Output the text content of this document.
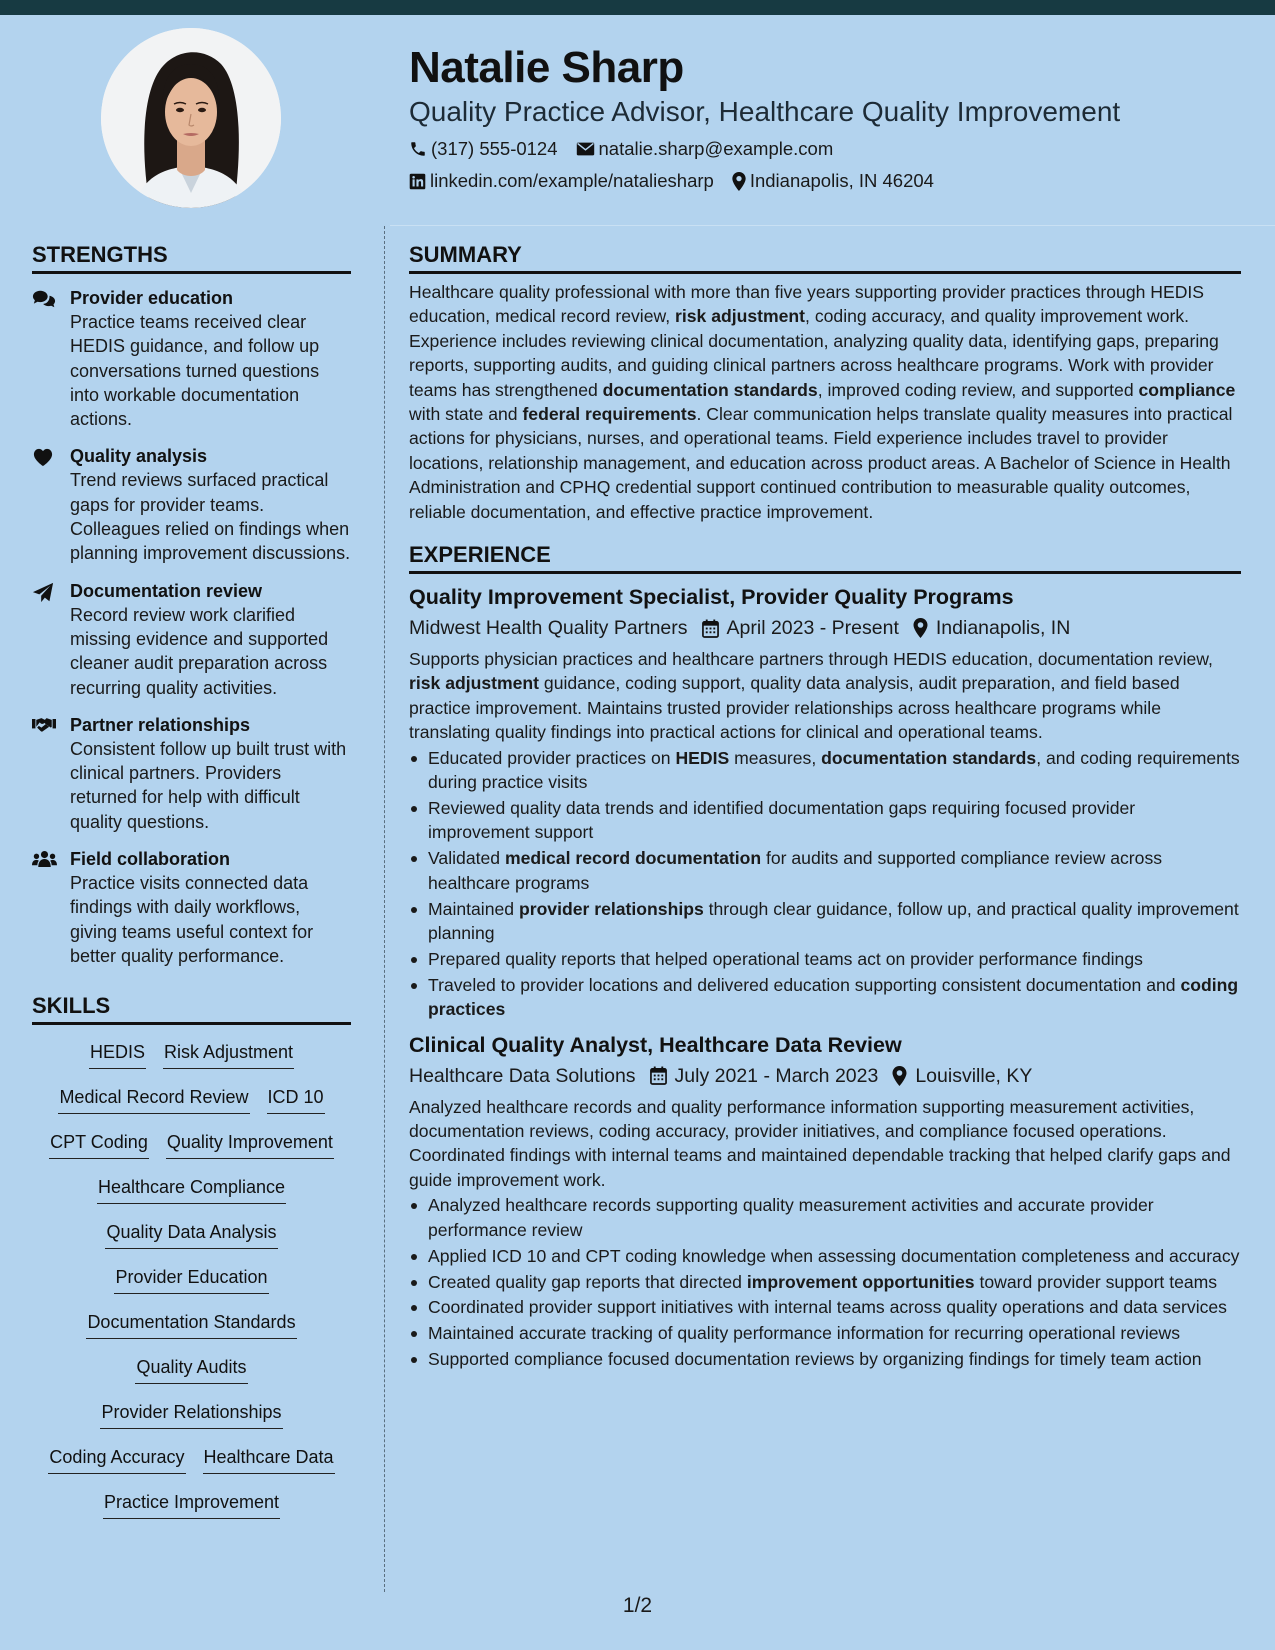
Natalie Sharp
Quality Practice Advisor, Healthcare Quality Improvement
(317) 555-0124 natalie.sharp@example.com
linkedin.com/example/nataliesharp Indianapolis, IN 46204
STRENGTHS
Provider education
Practice teams received clear HEDIS guidance, and follow up conversations turned questions into workable documentation actions.
Quality analysis
Trend reviews surfaced practical gaps for provider teams. Colleagues relied on findings when planning improvement discussions.
Documentation review
Record review work clarified missing evidence and supported cleaner audit preparation across recurring quality activities.
Partner relationships
Consistent follow up built trust with clinical partners. Providers returned for help with difficult quality questions.
Field collaboration
Practice visits connected data findings with daily workflows, giving teams useful context for better quality performance.
SKILLS
HEDIS Risk Adjustment
Medical Record Review ICD 10
CPT Coding Quality Improvement
Healthcare Compliance
Quality Data Analysis
Provider Education
Documentation Standards
Quality Audits
Provider Relationships
Coding Accuracy Healthcare Data
Practice Improvement
SUMMARY

Healthcare quality professional with more than five years supporting provider practices through HEDIS education, medical record review, risk adjustment, coding accuracy, and quality improvement work. Experience includes reviewing clinical documentation, analyzing quality data, identifying gaps, preparing reports, supporting audits, and guiding clinical partners across healthcare programs. Work with provider teams has strengthened documentation standards, improved coding review, and supported compliance with state and federal requirements. Clear communication helps translate quality measures into practical actions for physicians, nurses, and operational teams. Field experience includes travel to provider locations, relationship management, and education across product areas. A Bachelor of Science in Health Administration and CPHQ credential support continued contribution to measurable quality outcomes, reliable documentation, and effective practice improvement.

EXPERIENCE
Quality Improvement Specialist, Provider Quality Programs
Midwest Health Quality Partners April 2023 - Present Indianapolis, IN

Supports physician practices and healthcare partners through HEDIS education, documentation review, risk adjustment guidance, coding support, quality data analysis, audit preparation, and field based practice improvement. Maintains trusted provider relationships across healthcare programs while translating quality findings into practical actions for clinical and operational teams.

Educated provider practices on HEDIS measures, documentation standards, and coding requirements during practice visits
Reviewed quality data trends and identified documentation gaps requiring focused provider improvement support
Validated medical record documentation for audits and supported compliance review across healthcare programs
Maintained provider relationships through clear guidance, follow up, and practical quality improvement planning
Prepared quality reports that helped operational teams act on provider performance findings
Traveled to provider locations and delivered education supporting consistent documentation and coding practices
Clinical Quality Analyst, Healthcare Data Review
Healthcare Data Solutions July 2021 - March 2023 Louisville, KY

Analyzed healthcare records and quality performance information supporting measurement activities, documentation reviews, coding accuracy, provider initiatives, and compliance focused operations. Coordinated findings with internal teams and maintained dependable tracking that helped clarify gaps and guide improvement work.

Analyzed healthcare records supporting quality measurement activities and accurate provider performance review
Applied ICD 10 and CPT coding knowledge when assessing documentation completeness and accuracy
Created quality gap reports that directed improvement opportunities toward provider support teams
Coordinated provider support initiatives with internal teams across quality operations and data services
Maintained accurate tracking of quality performance information for recurring operational reviews
Supported compliance focused documentation reviews by organizing findings for timely team action
1/2
